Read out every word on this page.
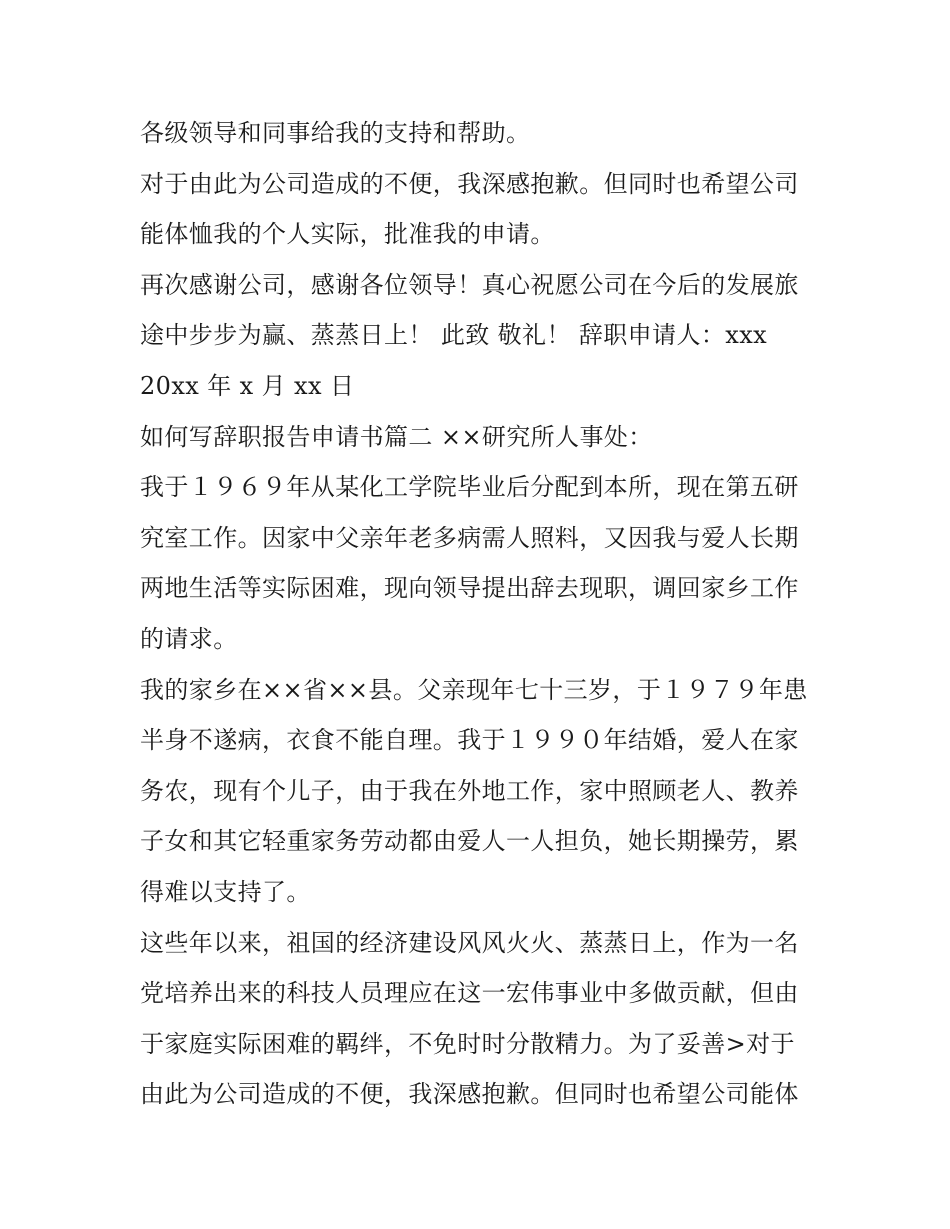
各级领导和同事给我的支持和帮助。
对于由此为公司造成的不便，我深感抱歉。但同时也希望公司
能体恤我的个人实际，批准我的申请。
再次感谢公司，感谢各位领导！真心祝愿公司在今后的发展旅
途中步步为赢、蒸蒸日上！ 此致 敬礼！ 辞职申请人：xxx
20xx 年 x 月 xx 日
如何写辞职报告申请书篇二 ××研究所人事处：
我于１９６９年从某化工学院毕业后分配到本所，现在第五研
究室工作。因家中父亲年老多病需人照料，又因我与爱人长期
两地生活等实际困难，现向领导提出辞去现职，调回家乡工作
的请求。
我的家乡在××省××县。父亲现年七十三岁，于１９７９年患
半身不遂病，衣食不能自理。我于１９９０年结婚，爱人在家
务农，现有个儿子，由于我在外地工作，家中照顾老人、教养
子女和其它轻重家务劳动都由爱人一人担负，她长期操劳，累
得难以支持了。
这些年以来，祖国的经济建设风风火火、蒸蒸日上，作为一名
党培养出来的科技人员理应在这一宏伟事业中多做贡献，但由
于家庭实际困难的羁绊，不免时时分散精力。为了妥善>对于
由此为公司造成的不便，我深感抱歉。但同时也希望公司能体
